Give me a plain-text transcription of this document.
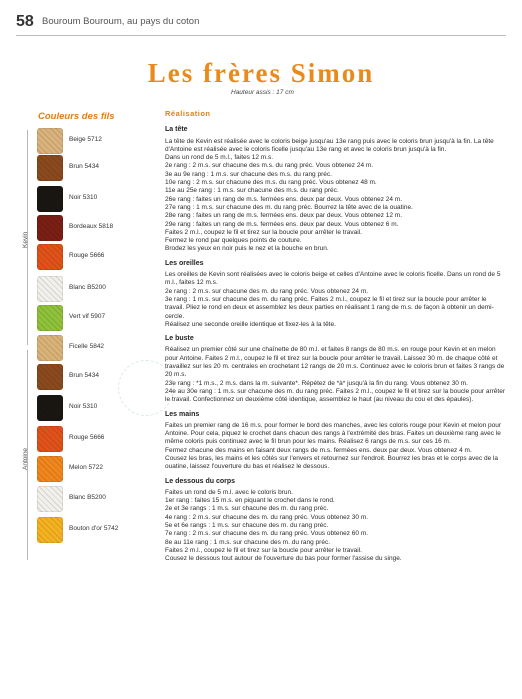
58 Bouroum Bouroum, au pays du coton
Les frères Simon
Hauteur assis : 17 cm
Couleurs des fils
Kevin
Antoine
Réalisation
La tête

La tête de Kevin est réalisée avec le coloris beige jusqu'au 13e rang puis avec le coloris brun jusqu'à la fin. La tête d'Antoine est réalisée avec le coloris ficelle jusqu'au 13e rang et avec le coloris brun jusqu'à la fin.

Dans un rond de 5 m.l., faites 12 m.s.

2e rang : 2 m.s. sur chacune des m.s. du rang préc. Vous obtenez 24 m.

3e au 9e rang : 1 m.s. sur chacune des m.s. du rang préc.

10e rang : 2 m.s. sur chacune des m.s. du rang préc. Vous obtenez 48 m.

11e au 25e rang : 1 m.s. sur chacune des m.s. du rang préc.

26e rang : faites un rang de m.s. fermées ens. deux par deux. Vous obtenez 24 m.

27e rang : 1 m.s. sur chacune des m. du rang préc. Bourrez la tête avec de la ouatine.

28e rang : faites un rang de m.s. fermées ens. deux par deux. Vous obtenez 12 m.

29e rang : faites un rang de m.s. fermées ens. deux par deux. Vous obtenez 6 m.

Faites 2 m.l., coupez le fil et tirez sur la boucle pour arrêter le travail.

Fermez le rond par quelques points de couture.

Brodez les yeux en noir puis le nez et la bouche en brun.

Les oreilles

Les oreilles de Kevin sont réalisées avec le coloris beige et celles d'Antoine avec le coloris ficelle. Dans un rond de 5 m.l., faites 12 m.s.

2e rang : 2 m.s. sur chacune des m. du rang préc. Vous obtenez 24 m.

3e rang : 1 m.s. sur chacune des m. du rang préc. Faites 2 m.l., coupez le fil et tirez sur la boucle pour arrêter le travail. Pliez le rond en deux et assemblez les deux parties en réalisant 1 rang de m.s. de façon à obtenir un demi-cercle.

Réalisez une seconde oreille identique et fixez-les à la tête.

Le buste

Réalisez un premier côté sur une chaînette de 80 m.l. et faites 8 rangs de 80 m.s. en rouge pour Kevin et en melon pour Antoine. Faites 2 m.l., coupez le fil et tirez sur la boucle pour arrêter le travail. Laissez 30 m. de chaque côté et travaillez sur les 20 m. centrales en crochetant 12 rangs de 20 m.s. Continuez avec le coloris brun et faites 3 rangs de 20 m.s.

23e rang : *1 m.s., 2 m.s. dans la m. suivante*. Répétez de *à* jusqu'à la fin du rang. Vous obtenez 30 m.

24e au 30e rang : 1 m.s. sur chacune des m. du rang préc. Faites 2 m.l., coupez le fil et tirez sur la boucle pour arrêter le travail. Confectionnez un deuxième côté identique, assemblez le haut (au niveau du cou et des épaules).

Les mains

Faites un premier rang de 16 m.s. pour former le bord des manches, avec les coloris rouge pour Kevin et melon pour Antoine. Pour cela, piquez le crochet dans chacun des rangs à l'extrémité des bras. Faites un deuxième rang avec le même coloris puis continuez avec le fil brun pour les mains. Réalisez 6 rangs de m.s. sur ces 16 m.

Fermez chacune des mains en faisant deux rangs de m.s. fermées ens. deux par deux. Vous obtenez 4 m.

Cousez les bras, les mains et les côtés sur l'envers et retournez sur l'endroit. Bourrez les bras et le corps avec de la ouatine, laissez l'ouverture du bas et réalisez le dessous.

Le dessous du corps

Faites un rond de 5 m.l. avec le coloris brun.

1er rang : faites 15 m.s. en piquant le crochet dans le rond.

2e et 3e rangs : 1 m.s. sur chacune des m. du rang préc.

4e rang : 2 m.s. sur chacune des m. du rang préc. Vous obtenez 30 m.

5e et 6e rangs : 1 m.s. sur chacune des m. du rang préc.

7e rang : 2 m.s. sur chacune des m. du rang préc. Vous obtenez 60 m.

8e au 11e rang : 1 m.s. sur chacune des m. du rang préc.

Faites 2 m.l., coupez le fil et tirez sur la boucle pour arrêter le travail.

Cousez le dessous tout autour de l'ouverture du bas pour former l'assise du singe.

Beige 5712
Brun 5434
Noir 5310
Bordeaux 5818
Rouge 5666
Blanc B5200
Vert vif 5907
Ficelle 5842
Brun 5434
Noir 5310
Rouge 5666
Melon 5722
Blanc B5200
Bouton d'or 5742
